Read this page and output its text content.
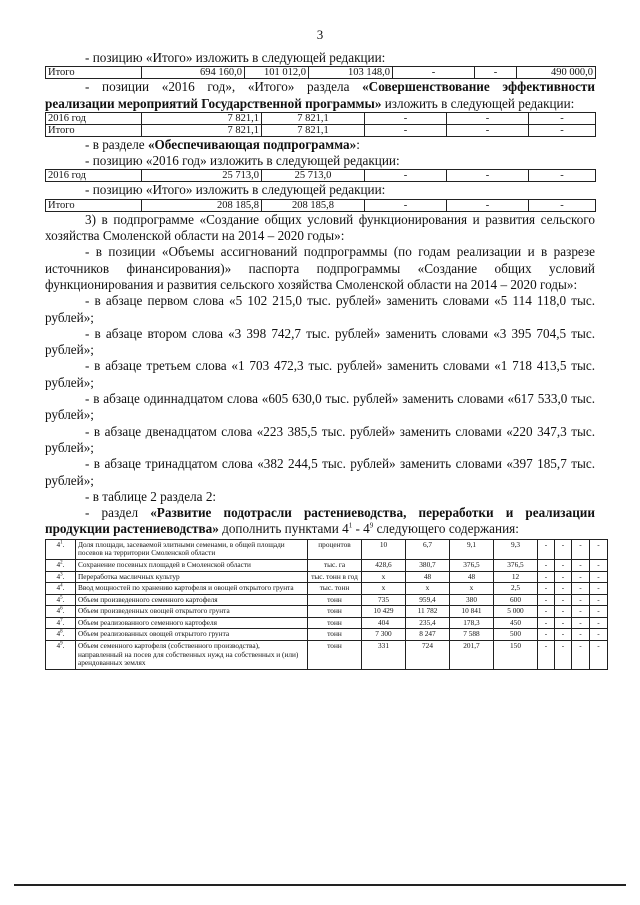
3

- позицию «Итого» изложить в следующей редакции:

Итого	694 160,0	101 012,0	103 148,0	-	-	490 000,0

- позиции «2016 год», «Итого» раздела «Совершенствование эффективности реализации мероприятий Государственной программы» изложить в следующей редакции:

2016 год	7 821,1	7 821,1	-	-	-
Итого	7 821,1	7 821,1	-	-	-

- в разделе «Обеспечивающая подпрограмма»:

- позицию «2016 год» изложить в следующей редакции:

2016 год	25 713,0	25 713,0	-	-	-

- позицию «Итого» изложить в следующей редакции:

Итого	208 185,8	208 185,8	-	-	-

3) в подпрограмме «Создание общих условий функционирования и развития сельского хозяйства Смоленской области на 2014 – 2020 годы»:

- в позиции «Объемы ассигнований подпрограммы (по годам реализации и в разрезе источников финансирования)» паспорта подпрограммы «Создание общих условий функционирования и развития сельского хозяйства Смоленской области на 2014 – 2020 годы»:

- в абзаце первом слова «5 102 215,0 тыс. рублей» заменить словами «5 114 118,0 тыс. рублей»;

- в абзаце втором слова «3 398 742,7 тыс. рублей» заменить словами «3 395 704,5 тыс. рублей»;

- в абзаце третьем слова «1 703 472,3 тыс. рублей» заменить словами «1 718 413,5 тыс. рублей»;

- в абзаце одиннадцатом слова «605 630,0 тыс. рублей» заменить словами «617 533,0 тыс. рублей»;

- в абзаце двенадцатом слова «223 385,5 тыс. рублей» заменить словами «220 347,3 тыс. рублей»;

- в абзаце тринадцатом слова «382 244,5 тыс. рублей» заменить словами «397 185,7 тыс. рублей»;

- в таблице 2 раздела 2:

- раздел «Развитие подотрасли растениеводства, переработки и реализации продукции растениеводства» дополнить пунктами $4^1 - 4^9$ следующего содержания:

$4^1$.	Доля площади, засеваемой элитными семенами, в общей площади посевов на территории Смоленской области	процентов	10	6,7	9,1	9,3	-	-	-	-
$4^2$.	Сохранение посевных площадей в Смоленской области	тыс. га	428,6	380,7	376,5	376,5	-	-	-	-
$4^3$.	Переработка масличных культур	тыс. тонн в год	x	48	48	12	-	-	-	-
$4^4$.	Ввод мощностей по хранению картофеля и овощей открытого грунта	тыс. тонн	x	x	x	2,5	-	-	-	-
$4^5$.	Объем произведенного семенного картофеля	тонн	735	959,4	380	600	-	-	-	-
$4^6$.	Объем произведенных овощей открытого грунта	тонн	10 429	11 782	10 841	5 000	-	-	-	-
$4^7$.	Объем реализованного семенного картофеля	тонн	404	235,4	178,3	450	-	-	-	-
$4^8$.	Объем реализованных овощей открытого грунта	тонн	7 300	8 247	7 588	500	-	-	-	-
$4^9$.	Объем семенного картофеля (собственного производства), направленный на посев для собственных нужд на собственных и (или) арендованных землях	тонн	331	724	201,7	150	-	-	-	-
